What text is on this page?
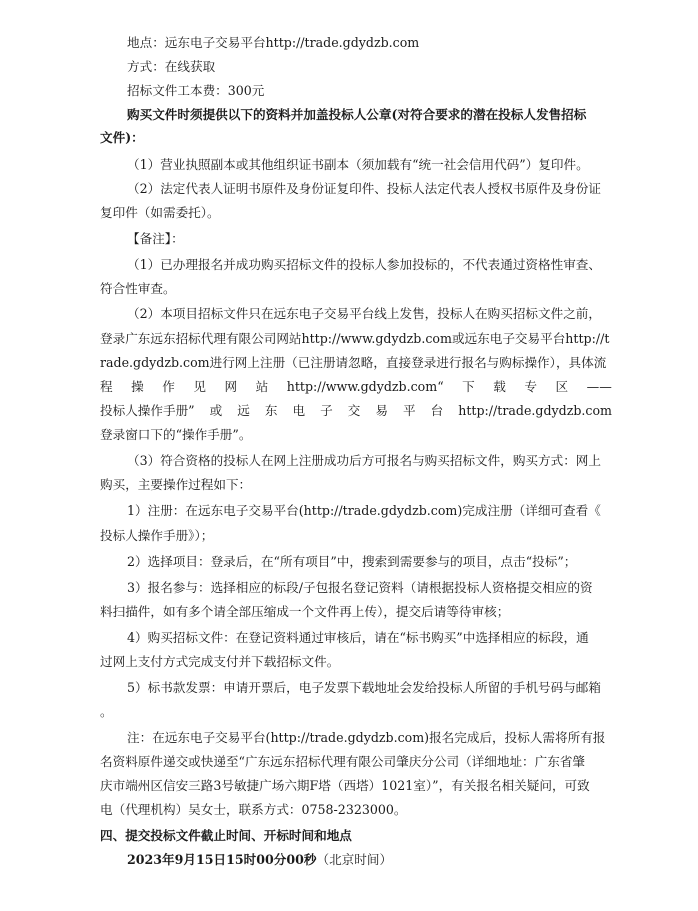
地点：远东电子交易平台http://trade.gdydzb.com
方式：在线获取
招标文件工本费：300元
购买文件时须提供以下的资料并加盖投标人公章(对符合要求的潜在投标人发售招标
文件)：
（1）营业执照副本或其他组织证书副本（须加载有“统一社会信用代码”）复印件。
（2）法定代表人证明书原件及身份证复印件、投标人法定代表人授权书原件及身份证
复印件（如需委托）。
【备注】：
（1）已办理报名并成功购买招标文件的投标人参加投标的，不代表通过资格性审查、
符合性审查。
（2）本项目招标文件只在远东电子交易平台线上发售，投标人在购买招标文件之前，
登录广东远东招标代理有限公司网站http://www.gdydzb.com或远东电子交易平台http://t
rade.gdydzb.com进行网上注册（已注册请忽略，直接登录进行报名与购标操作），具体流
程 操 作 见 网 站 http://www.gdydzb.com“ 下 载 专 区 ——
投标人操作手册” 或 远 东 电 子 交 易 平 台 http://trade.gdydzb.com
登录窗口下的“操作手册”。
（3）符合资格的投标人在网上注册成功后方可报名与购买招标文件，购买方式：网上
购买，主要操作过程如下：
1）注册：在远东电子交易平台(http://trade.gdydzb.com)完成注册（详细可查看《
投标人操作手册》）；
2）选择项目：登录后，在“所有项目”中，搜索到需要参与的项目，点击“投标”；
3）报名参与：选择相应的标段/子包报名登记资料（请根据投标人资格提交相应的资
料扫描件，如有多个请全部压缩成一个文件再上传），提交后请等待审核；
4）购买招标文件：在登记资料通过审核后，请在“标书购买”中选择相应的标段，通
过网上支付方式完成支付并下载招标文件。
5）标书款发票：申请开票后，电子发票下载地址会发给投标人所留的手机号码与邮箱
。
注：在远东电子交易平台(http://trade.gdydzb.com)报名完成后，投标人需将所有报
名资料原件递交或快递至“广东远东招标代理有限公司肇庆分公司（详细地址：广东省肇
庆市端州区信安三路3号敏捷广场六期F塔（西塔）1021室）”，有关报名相关疑问，可致
电（代理机构）吴女士，联系方式：0758-2323000。
四、提交投标文件截止时间、开标时间和地点
2023年9月15日15时00分00秒（北京时间）
